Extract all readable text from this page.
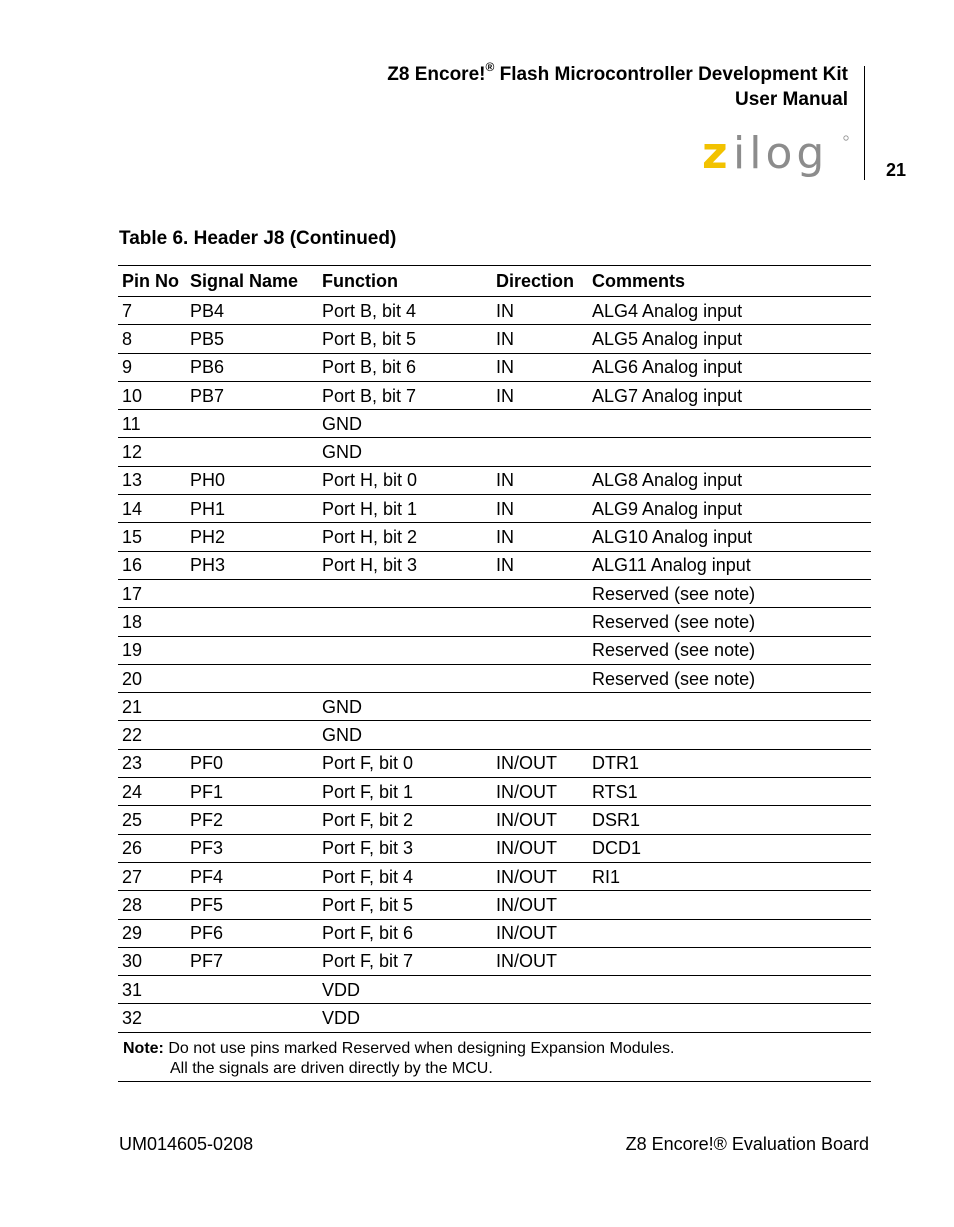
Z8 Encore!® Flash Microcontroller Development Kit
User Manual
z ilog	21
Table 6. Header J8 (Continued)
Pin No	Signal Name	Function	Direction	Comments
7	PB4	Port B, bit 4	IN	ALG4 Analog input
8	PB5	Port B, bit 5	IN	ALG5 Analog input
9	PB6	Port B, bit 6	IN	ALG6 Analog input
10	PB7	Port B, bit 7	IN	ALG7 Analog input
11		GND		
12		GND		
13	PH0	Port H, bit 0	IN	ALG8 Analog input
14	PH1	Port H, bit 1	IN	ALG9 Analog input
15	PH2	Port H, bit 2	IN	ALG10 Analog input
16	PH3	Port H, bit 3	IN	ALG11 Analog input
17				Reserved (see note)
18				Reserved (see note)
19				Reserved (see note)
20				Reserved (see note)
21		GND		
22		GND		
23	PF0	Port F, bit 0	IN/OUT	DTR1
24	PF1	Port F, bit 1	IN/OUT	RTS1
25	PF2	Port F, bit 2	IN/OUT	DSR1
26	PF3	Port F, bit 3	IN/OUT	DCD1
27	PF4	Port F, bit 4	IN/OUT	RI1
28	PF5	Port F, bit 5	IN/OUT	
29	PF6	Port F, bit 6	IN/OUT	
30	PF7	Port F, bit 7	IN/OUT	
31		VDD		
32		VDD		
Note: Do not use pins marked Reserved when designing Expansion Modules.
All the signals are driven directly by the MCU.
UM014605-0208	Z8 Encore!® Evaluation Board
